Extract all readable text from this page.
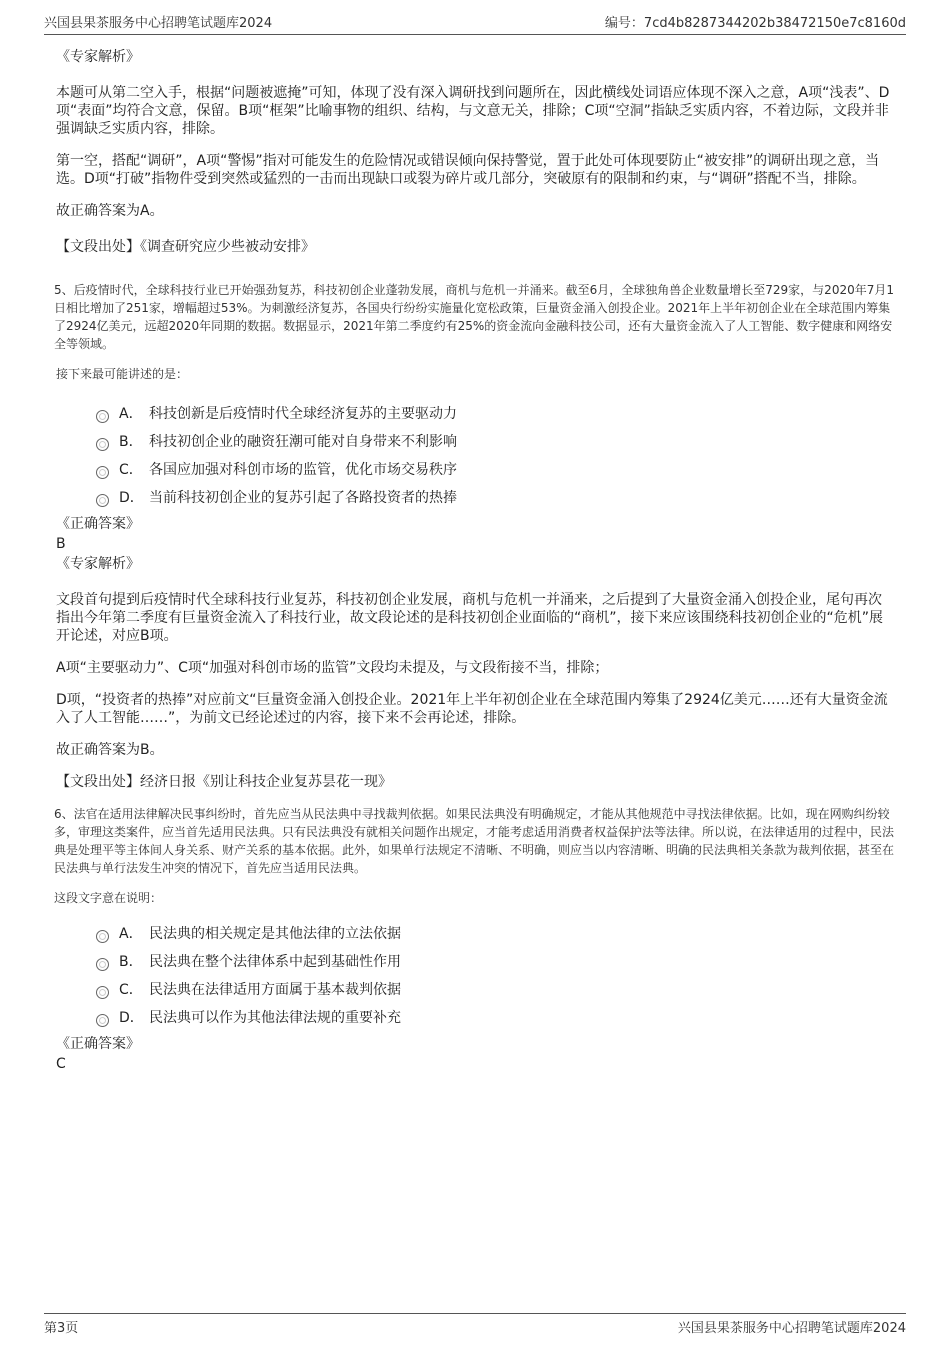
兴国县果茶服务中心招聘笔试题库2024	编号：7cd4b8287344202b38472150e7c8160d

《专家解析》

本题可从第二空入手，根据“问题被遮掩”可知，体现了没有深入调研找到问题所在，因此横线处词语应体现不深入之意，A项“浅表”、D项“表面”均符合文意，保留。B项“框架”比喻事物的组织、结构，与文意无关，排除；C项“空洞”指缺乏实质内容，不着边际，文段并非强调缺乏实质内容，排除。

第一空，搭配“调研”，A项“警惕”指对可能发生的危险情况或错误倾向保持警觉，置于此处可体现要防止“被安排”的调研出现之意，当选。D项“打破”指物件受到突然或猛烈的一击而出现缺口或裂为碎片或几部分，突破原有的限制和约束，与“调研”搭配不当，排除。

故正确答案为A。

【文段出处】《调查研究应少些被动安排》

5、后疫情时代，全球科技行业已开始强劲复苏，科技初创企业蓬勃发展，商机与危机一并涌来。截至6月，全球独角兽企业数量增长至729家，与2020年7月1日相比增加了251家，增幅超过53%。为刺激经济复苏，各国央行纷纷实施量化宽松政策，巨量资金涌入创投企业。2021年上半年初创企业在全球范围内筹集了2924亿美元，远超2020年同期的数据。数据显示，2021年第二季度约有25%的资金流向金融科技公司，还有大量资金流入了人工智能、数字健康和网络安全等领域。

接下来最可能讲述的是：

A． 科技创新是后疫情时代全球经济复苏的主要驱动力
B． 科技初创企业的融资狂潮可能对自身带来不利影响
C． 各国应加强对科创市场的监管，优化市场交易秩序
D． 当前科技初创企业的复苏引起了各路投资者的热捧

《正确答案》

B

《专家解析》

文段首句提到后疫情时代全球科技行业复苏，科技初创企业发展，商机与危机一并涌来，之后提到了大量资金涌入创投企业，尾句再次指出今年第二季度有巨量资金流入了科技行业，故文段论述的是科技初创企业面临的“商机”，接下来应该围绕科技初创企业的“危机”展开论述，对应B项。

A项“主要驱动力”、C项“加强对科创市场的监管”文段均未提及，与文段衔接不当，排除；

D项，“投资者的热捧”对应前文“巨量资金涌入创投企业。2021年上半年初创企业在全球范围内筹集了2924亿美元……还有大量资金流入了人工智能……”，为前文已经论述过的内容，接下来不会再论述，排除。

故正确答案为B。

【文段出处】经济日报《别让科技企业复苏昙花一现》

6、法官在适用法律解决民事纠纷时，首先应当从民法典中寻找裁判依据。如果民法典没有明确规定，才能从其他规范中寻找法律依据。比如，现在网购纠纷较多，审理这类案件，应当首先适用民法典。只有民法典没有就相关问题作出规定，才能考虑适用消费者权益保护法等法律。所以说，在法律适用的过程中，民法典是处理平等主体间人身关系、财产关系的基本依据。此外，如果单行法规定不清晰、不明确，则应当以内容清晰、明确的民法典相关条款为裁判依据，甚至在民法典与单行法发生冲突的情况下，首先应当适用民法典。

这段文字意在说明：

A． 民法典的相关规定是其他法律的立法依据
B． 民法典在整个法律体系中起到基础性作用
C． 民法典在法律适用方面属于基本裁判依据
D． 民法典可以作为其他法律法规的重要补充

《正确答案》

C

第3页	兴国县果茶服务中心招聘笔试题库2024
